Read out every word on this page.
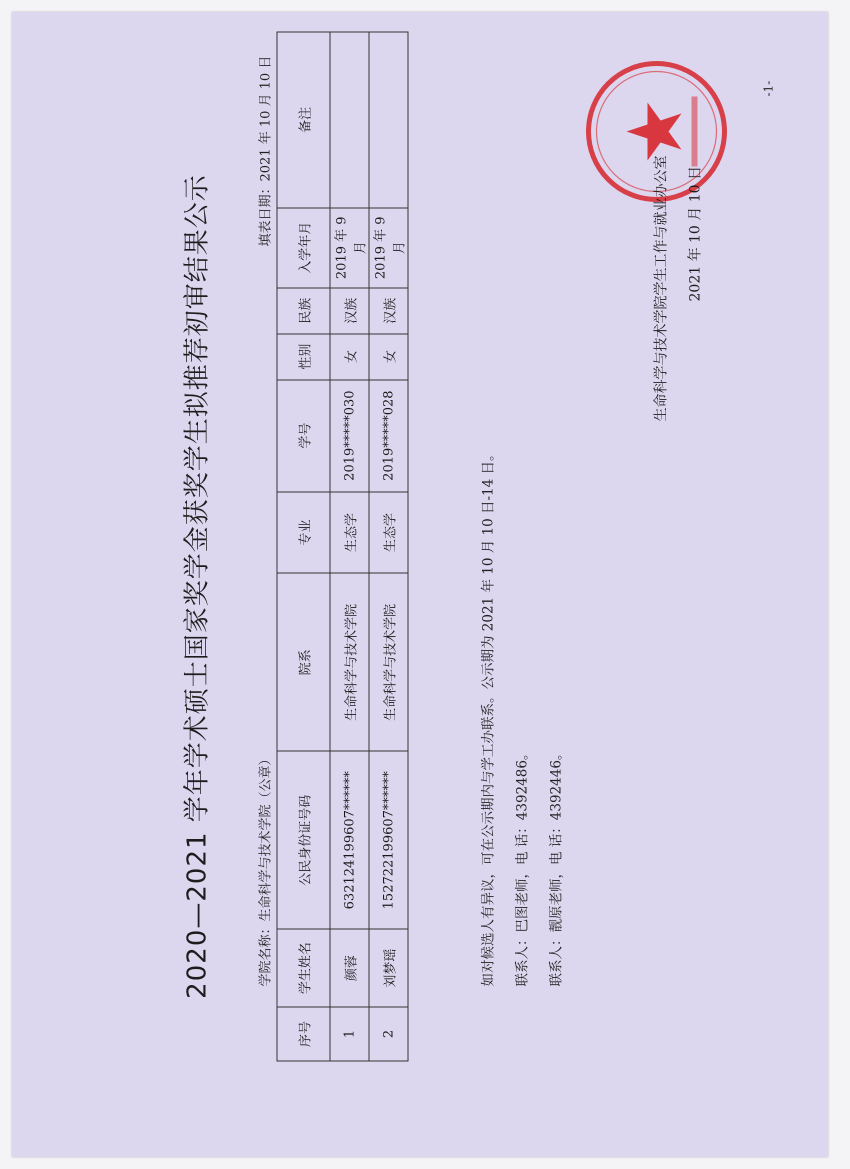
2020—2021 学年学术硕士国家奖学金获奖学生拟推荐初审结果公示	学院名称：生命科学与技术学院（公章）
填表日期：2021 年 10 月 10 日
序号	学生姓名	公民身份证号码	院系	专业	学号	性别	民族	入学年月	备注
1	颜蓉	632124199607******	生命科学与技术学院	生态学	2019*****030	女	汉族	2019 年 9 月	
2	刘梦瑶	152722199607******	生命科学与技术学院	生态学	2019*****028	女	汉族	2019 年 9 月	
如对候选人有异议，可在公示期内与学工办联系。公示期为 2021 年 10 月 10 日-14 日。	联系人：巴图老师，电 话：4392486。	联系人：靓原老师，电 话：4392446。
生命科学与技术学院学生工作与就业办公室	2021 年 10 月 10 日
-1-
